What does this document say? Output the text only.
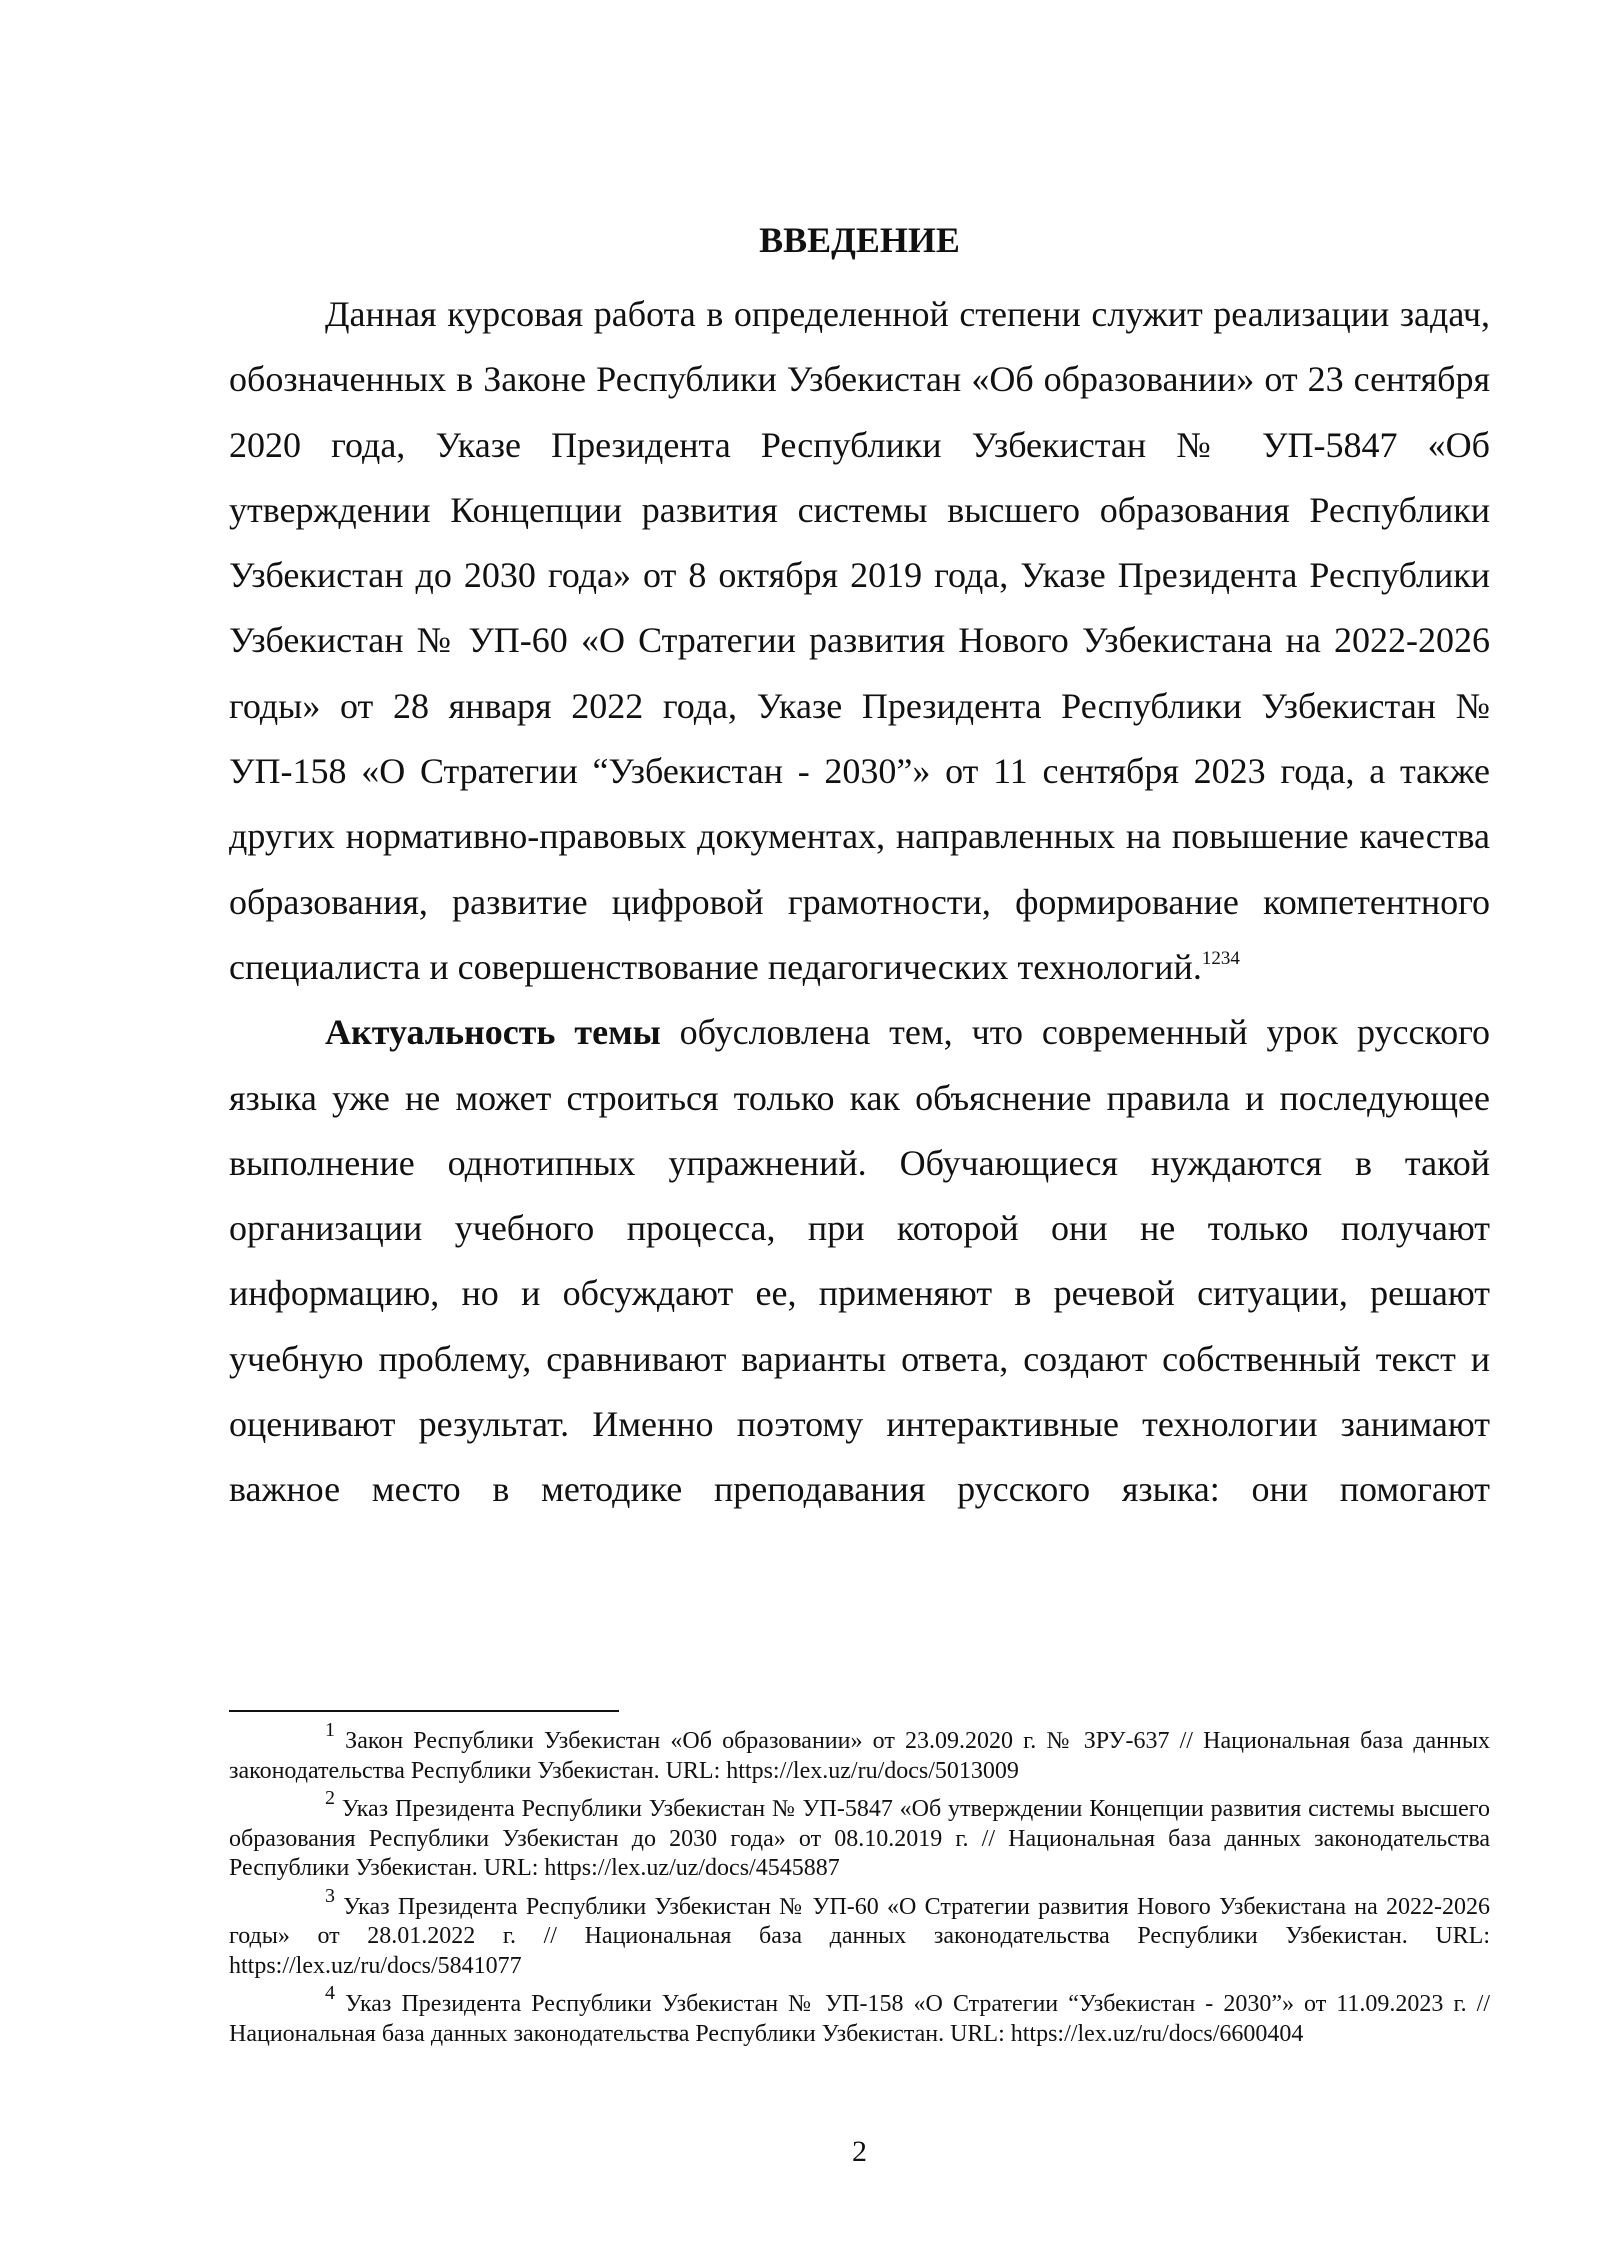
ВВЕДЕНИЕ

Данная курсовая работа в определенной степени служит реализации задач, обозначенных в Законе Республики Узбекистан «Об образовании» от 23 сентября 2020 года, Указе Президента Республики Узбекистан № УП-5847 «Об утверждении Концепции развития системы высшего образования Республики Узбекистан до 2030 года» от 8 октября 2019 года, Указе Президента Республики Узбекистан № УП-60 «О Стратегии развития Нового Узбекистана на 2022-2026 годы» от 28 января 2022 года, Указе Президента Республики Узбекистан № УП-158 «О Стратегии “Узбекистан - 2030”» от 11 сентября 2023 года, а также других нормативно-правовых документах, направленных на повышение качества образования, развитие цифровой грамотности, формирование компетентного специалиста и совершенствование педагогических технологий.$^{1234}$

Актуальность темы обусловлена тем, что современный урок русского языка уже не может строиться только как объяснение правила и последующее выполнение однотипных упражнений. Обучающиеся нуждаются в такой организации учебного процесса, при которой они не только получают информацию, но и обсуждают ее, применяют в речевой ситуации, решают учебную проблему, сравнивают варианты ответа, создают собственный текст и оценивают результат. Именно поэтому интерактивные технологии занимают важное место в методике преподавания русского языка: они помогают

$^1$ Закон Республики Узбекистан «Об образовании» от 23.09.2020 г. № ЗРУ-637 // Национальная база данных законодательства Республики Узбекистан. URL: https://lex.uz/ru/docs/5013009

$^2$ Указ Президента Республики Узбекистан № УП-5847 «Об утверждении Концепции развития системы высшего образования Республики Узбекистан до 2030 года» от 08.10.2019 г. // Национальная база данных законодательства Республики Узбекистан. URL: https://lex.uz/uz/docs/4545887

$^3$ Указ Президента Республики Узбекистан № УП-60 «О Стратегии развития Нового Узбекистана на 2022-2026 годы» от 28.01.2022 г. // Национальная база данных законодательства Республики Узбекистан. URL: https://lex.uz/ru/docs/5841077

$^4$ Указ Президента Республики Узбекистан № УП-158 «О Стратегии “Узбекистан - 2030”» от 11.09.2023 г. // Национальная база данных законодательства Республики Узбекистан. URL: https://lex.uz/ru/docs/6600404

2
